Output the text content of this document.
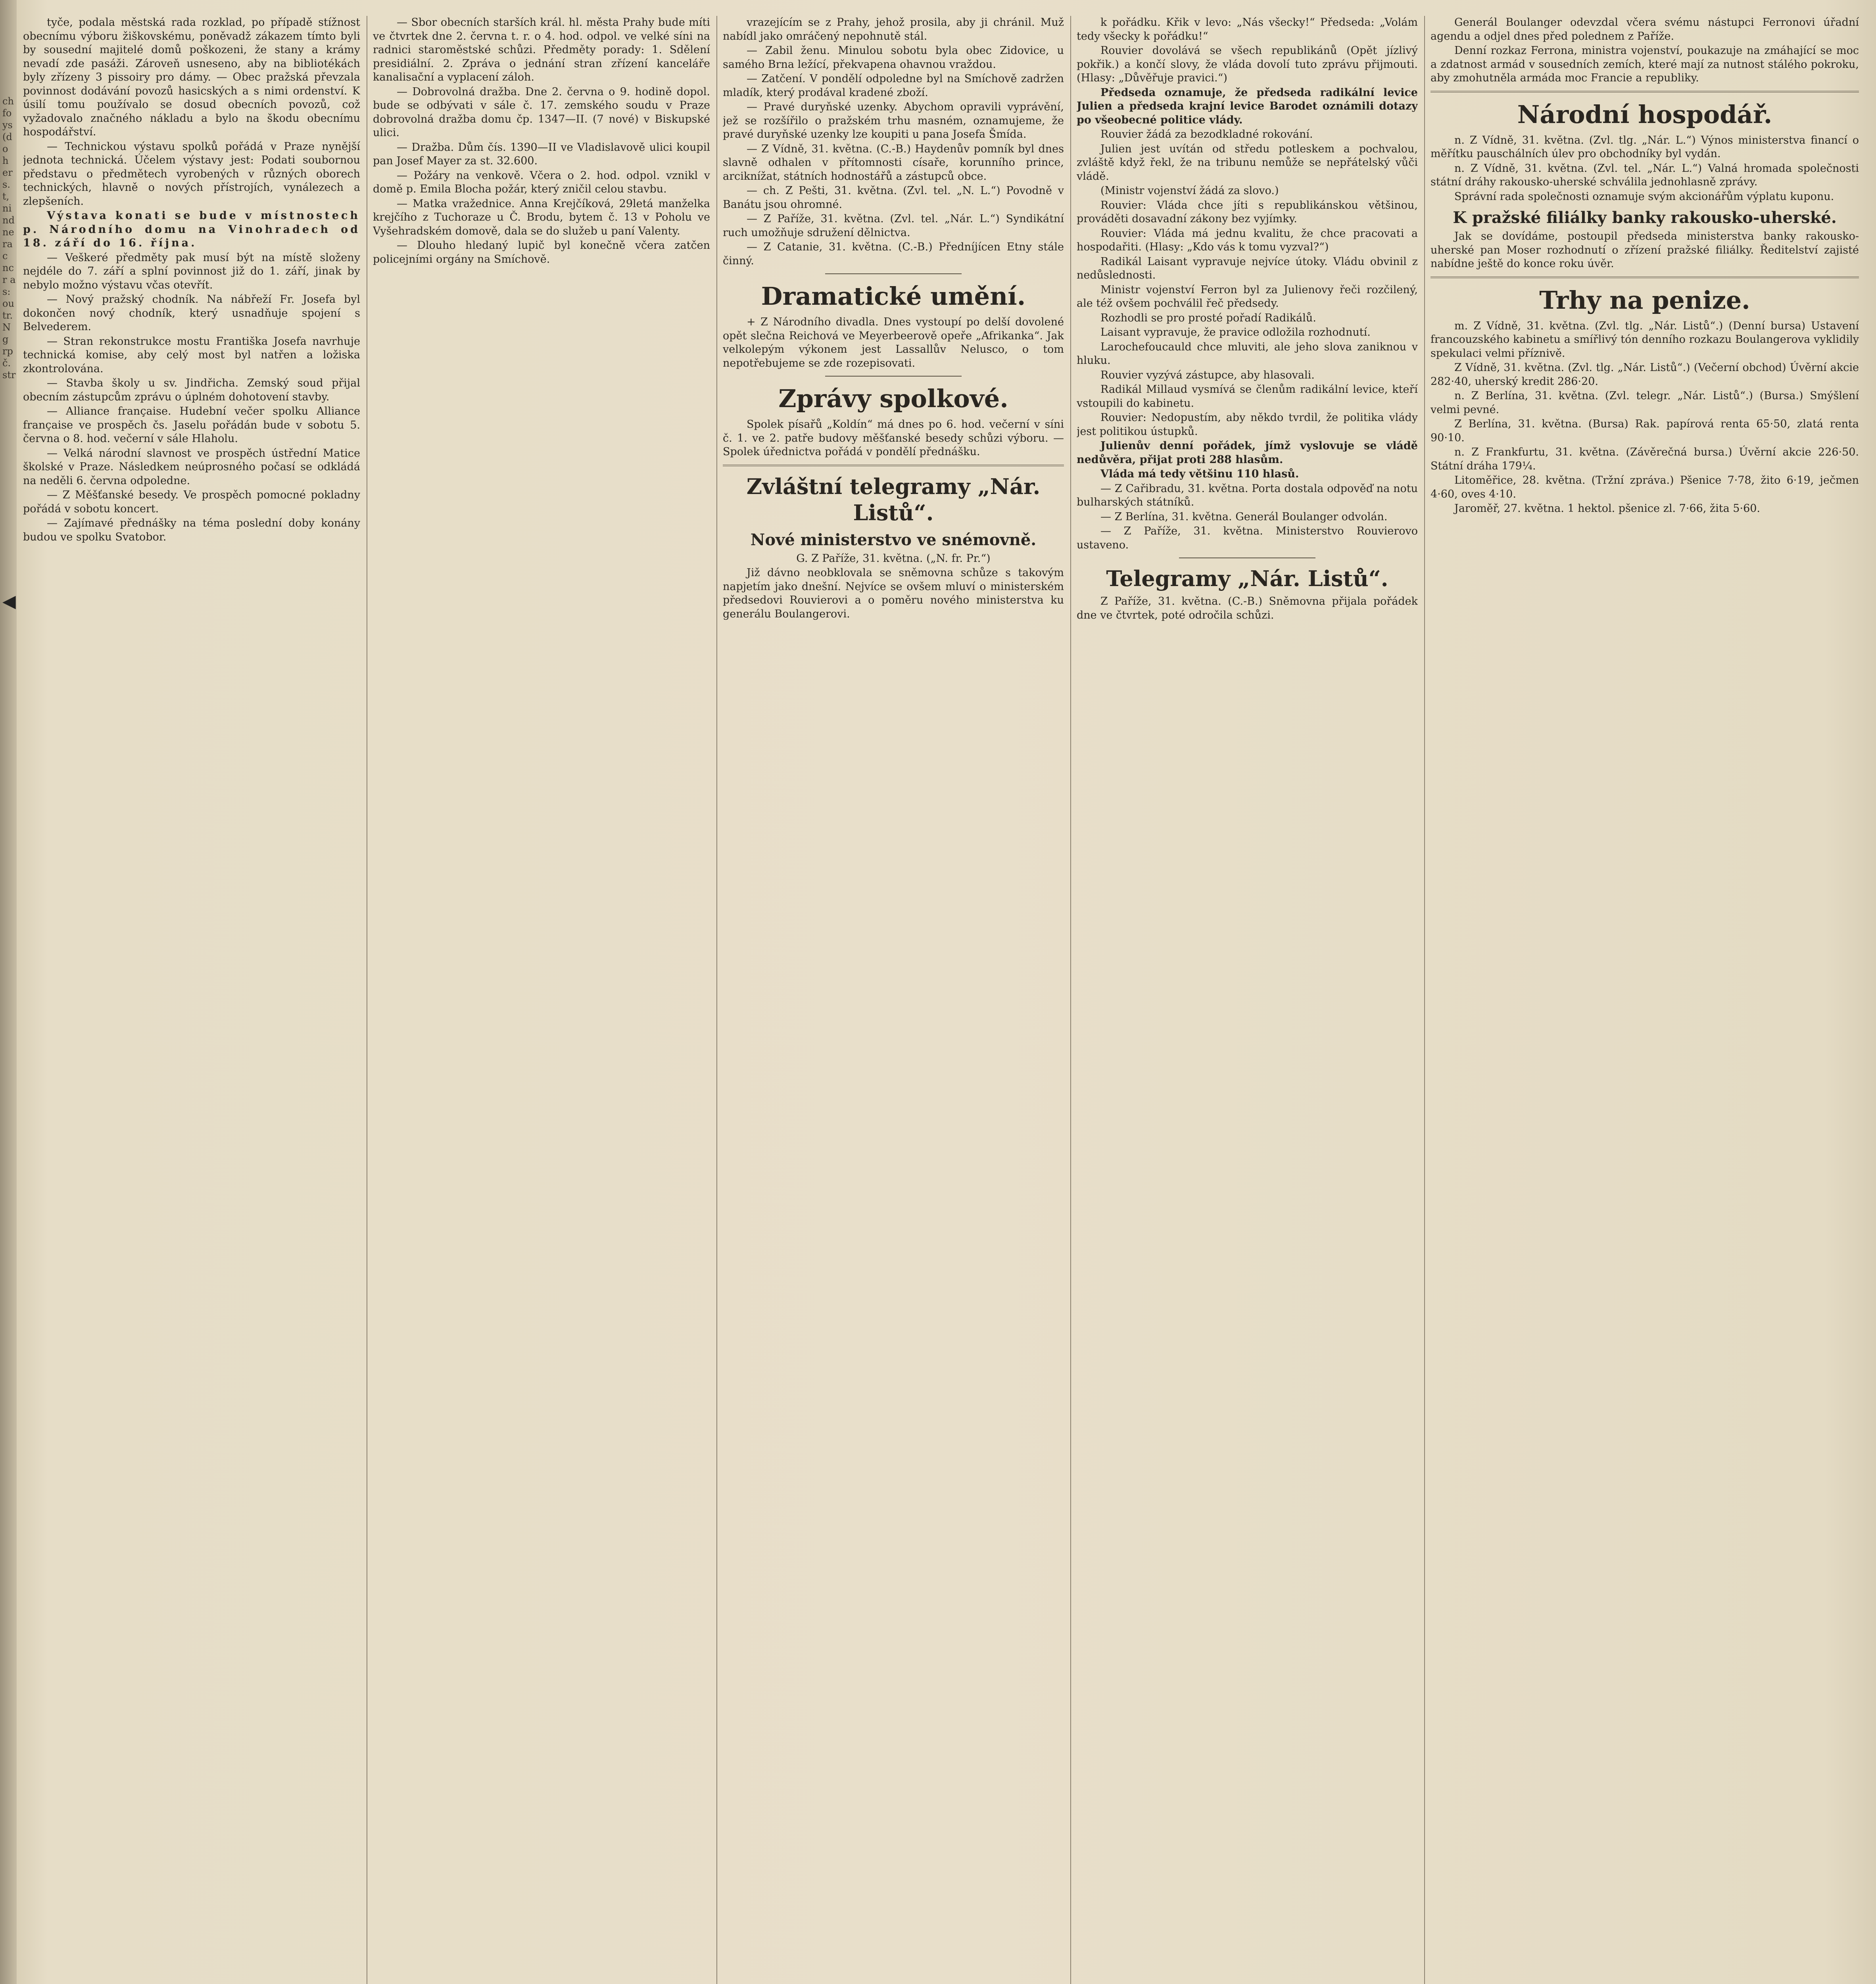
ch fo ys (do h er s. t, ni nd ne rac ncr as: ou tr. Ng rp č. str
◀

tyče, podala městská rada rozklad, po případě stížnost obecnímu výboru žiškovskému, poněvadž zákazem tímto byli by sousední majitelé domů poškozeni, že stany a krámy nevadí zde pasáži. Zároveň usneseno, aby na bibliotékách byly zřízeny 3 pissoiry pro dámy. — Obec pražská převzala povinnost dodávání povozů hasicských a s nimi ordenství. K úsilí tomu používalo se dosud obecních povozů, což vyžadovalo značného nákladu a bylo na škodu obecnímu hospodářství.

— Technickou výstavu spolků pořádá v Praze nynější jednota technická. Účelem výstavy jest: Podati soubornou představu o předmětech vyrobených v různých oborech technických, hlavně o nových přístrojích, vynálezech a zlepšeních.

Výstava konati se bude v místnostech p. Národního domu na Vinohradech od 18. září do 16. října.

— Veškeré předměty pak musí být na místě složeny nejdéle do 7. září a splní povinnost již do 1. září, jinak by nebylo možno výstavu včas otevřít.

— Nový pražský chodník. Na nábřeží Fr. Josefa byl dokončen nový chodník, který usnadňuje spojení s Belvederem.

— Stran rekonstrukce mostu Františka Josefa navrhuje technická komise, aby celý most byl natřen a ložiska zkontrolována.

— Stavba školy u sv. Jindřicha. Zemský soud přijal obecním zástupcům zprávu o úplném dohotovení stavby.

— Alliance française. Hudební večer spolku Alliance française ve prospěch čs. Jaselu pořádán bude v sobotu 5. června o 8. hod. večerní v sále Hlaholu.

— Velká národní slavnost ve prospěch ústřední Matice školské v Praze. Následkem neúprosného počasí se odkládá na neděli 6. června odpoledne.

— Z Měšťanské besedy. Ve prospěch pomocné pokladny pořádá v sobotu koncert.

— Zajímavé přednášky na téma poslední doby konány budou ve spolku Svatobor.

— Sbor obecních starších král. hl. města Prahy bude míti ve čtvrtek dne 2. června t. r. o 4. hod. odpol. ve velké síni na radnici staroměstské schůzi. Předměty porady: 1. Sdělení presidiální. 2. Zpráva o jednání stran zřízení kanceláře kanalisační a vyplacení záloh.

— Dobrovolná dražba. Dne 2. června o 9. hodině dopol. bude se odbývati v sále č. 17. zemského soudu v Praze dobrovolná dražba domu čp. 1347—II. (7 nové) v Biskupské ulici.

— Dražba. Dům čís. 1390—II ve Vladislavově ulici koupil pan Josef Mayer za st. 32.600.

— Požáry na venkově. Včera o 2. hod. odpol. vznikl v domě p. Emila Blocha požár, který zničil celou stavbu.

— Matka vražednice. Anna Krejčíková, 29letá manželka krejčího z Tuchoraze u Č. Brodu, bytem č. 13 v Poholu ve Vyšehradském domově, dala se do služeb u paní Valenty.

— Dlouho hledaný lupič byl konečně včera zatčen policejními orgány na Smíchově.

vrazejícím se z Prahy, jehož prosila, aby ji chránil. Muž nabídl jako omráčený nepohnutě stál.

— Zabil ženu. Minulou sobotu byla obec Zidovice, u samého Brna ležící, překvapena ohavnou vraždou.

— Zatčení. V pondělí odpoledne byl na Smíchově zadržen mladík, který prodával kradené zboží.

— Pravé duryňské uzenky. Abychom opravili vyprávění, jež se rozšířilo o pražském trhu masném, oznamujeme, že pravé duryňské uzenky lze koupiti u pana Josefa Šmída.

— Z Vídně, 31. května. (C.-B.) Haydenův pomník byl dnes slavně odhalen v přítomnosti císaře, korunního prince, arciknížat, státních hodnostářů a zástupců obce.

— ch. Z Pešti, 31. května. (Zvl. tel. „N. L.“) Povodně v Banátu jsou ohromné.

— Z Paříže, 31. května. (Zvl. tel. „Nár. L.“) Syndikátní ruch umožňuje sdružení dělnictva.

— Z Catanie, 31. května. (C.-B.) Předníjícen Etny stále činný.

Dramatické umění.

+ Z Národního divadla. Dnes vystoupí po delší dovolené opět slečna Reichová ve Meyerbeerově opeře „Afrikanka“. Jak velkolepým výkonem jest Lassallův Nelusco, o tom nepotřebujeme se zde rozepisovati.

Zprávy spolkové.

Spolek písařů „Koldín“ má dnes po 6. hod. večerní v síni č. 1. ve 2. patře budovy měšťanské besedy schůzi výboru. — Spolek úřednictva pořádá v pondělí přednášku.

Zvláštní telegramy „Nár. Listů“.
Nové ministerstvo ve snémovně.

G. Z Paříže, 31. května. („N. fr. Pr.“)

Již dávno neobklovala se sněmovna schůze s takovým napjetím jako dnešní. Nejvíce se ovšem mluví o ministerském předsedovi Rouvierovi a o poměru nového ministerstva ku generálu Boulangerovi.

k pořádku. Křik v levo: „Nás všecky!“ Předseda: „Volám tedy všecky k pořádku!“

Rouvier dovolává se všech republikánů (Opět jízlivý pokřik.) a končí slovy, že vláda dovolí tuto zprávu přijmouti. (Hlasy: „Důvěřuje pravici.“)

Předseda oznamuje, že předseda radikální levice Julien a předseda krajní levice Barodet oznámili dotazy po všeobecné politice vlády.

Rouvier žádá za bezodkladné rokování.

Julien jest uvítán od středu potleskem a pochvalou, zvláště když řekl, že na tribunu nemůže se nepřátelský vůči vládě.

(Ministr vojenství žádá za slovo.)

Rouvier: Vláda chce jíti s republikánskou většinou, prováděti dosavadní zákony bez vyjímky.

Rouvier: Vláda má jednu kvalitu, že chce pracovati a hospodařiti. (Hlasy: „Kdo vás k tomu vyzval?“)

Radikál Laisant vypravuje nejvíce útoky. Vládu obvinil z nedůslednosti.

Ministr vojenství Ferron byl za Julienovy řeči rozčilený, ale též ovšem pochválil řeč předsedy.

Rozhodli se pro prosté pořadí Radikálů.

Laisant vypravuje, že pravice odložila rozhodnutí.

Larochefoucauld chce mluviti, ale jeho slova zaniknou v hluku.

Rouvier vyzývá zástupce, aby hlasovali.

Radikál Millaud vysmívá se členům radikální levice, kteří vstoupili do kabinetu.

Rouvier: Nedopustím, aby někdo tvrdil, že politika vlády jest politikou ústupků.

Julienův denní pořádek, jímž vyslovuje se vládě nedůvěra, přijat proti 288 hlasům.

Vláda má tedy většinu 110 hlasů.

— Z Cařibradu, 31. května. Porta dostala odpověď na notu bulharských státníků.

— Z Berlína, 31. května. Generál Boulanger odvolán.

— Z Paříže, 31. května. Ministerstvo Rouvierovo ustaveno.

Telegramy „Nár. Listů“.

Z Paříže, 31. května. (C.-B.) Sněmovna přijala pořádek dne ve čtvrtek, poté odročila schůzi.

Generál Boulanger odevzdal včera svému nástupci Ferronovi úřadní agendu a odjel dnes před polednem z Paříže.

Denní rozkaz Ferrona, ministra vojenství, poukazuje na zmáhající se moc a zdatnost armád v sousedních zemích, které mají za nutnost stálého pokroku, aby zmohutněla armáda moc Francie a republiky.

Národní hospodář.

n. Z Vídně, 31. května. (Zvl. tlg. „Nár. L.“) Výnos ministerstva financí o měřítku pauschálních úlev pro obchodníky byl vydán.

n. Z Vídně, 31. května. (Zvl. tel. „Nár. L.“) Valná hromada společnosti státní dráhy rakousko-uherské schválila jednohlasně zprávy.

Správní rada společnosti oznamuje svým akcionářům výplatu kuponu.

K pražské filiálky banky rakousko-uherské.

Jak se dovídáme, postoupil předseda ministerstva banky rakousko-uherské pan Moser rozhodnutí o zřízení pražské filiálky. Ředitelství zajisté nabídne ještě do konce roku úvěr.

Trhy na penize.

m. Z Vídně, 31. května. (Zvl. tlg. „Nár. Listů“.) (Denní bursa) Ustavení francouzského kabinetu a smířlivý tón denního rozkazu Boulangerova vyklidily spekulaci velmi příznivě.

Z Vídně, 31. května. (Zvl. tlg. „Nár. Listů“.) (Večerní obchod) Úvěrní akcie 282·40, uherský kredit 286·20.

n. Z Berlína, 31. května. (Zvl. telegr. „Nár. Listů“.) (Bursa.) Smýšlení velmi pevné.

Z Berlína, 31. května. (Bursa) Rak. papírová renta 65·50, zlatá renta 90·10.

n. Z Frankfurtu, 31. května. (Závěrečná bursa.) Úvěrní akcie 226·50. Státní dráha 179¼.

Litoměřice, 28. května. (Tržní zpráva.) Pšenice 7·78, žito 6·19, ječmen 4·60, oves 4·10.

Jaroměř, 27. května. 1 hektol. pšenice zl. 7·66, žita 5·60.
